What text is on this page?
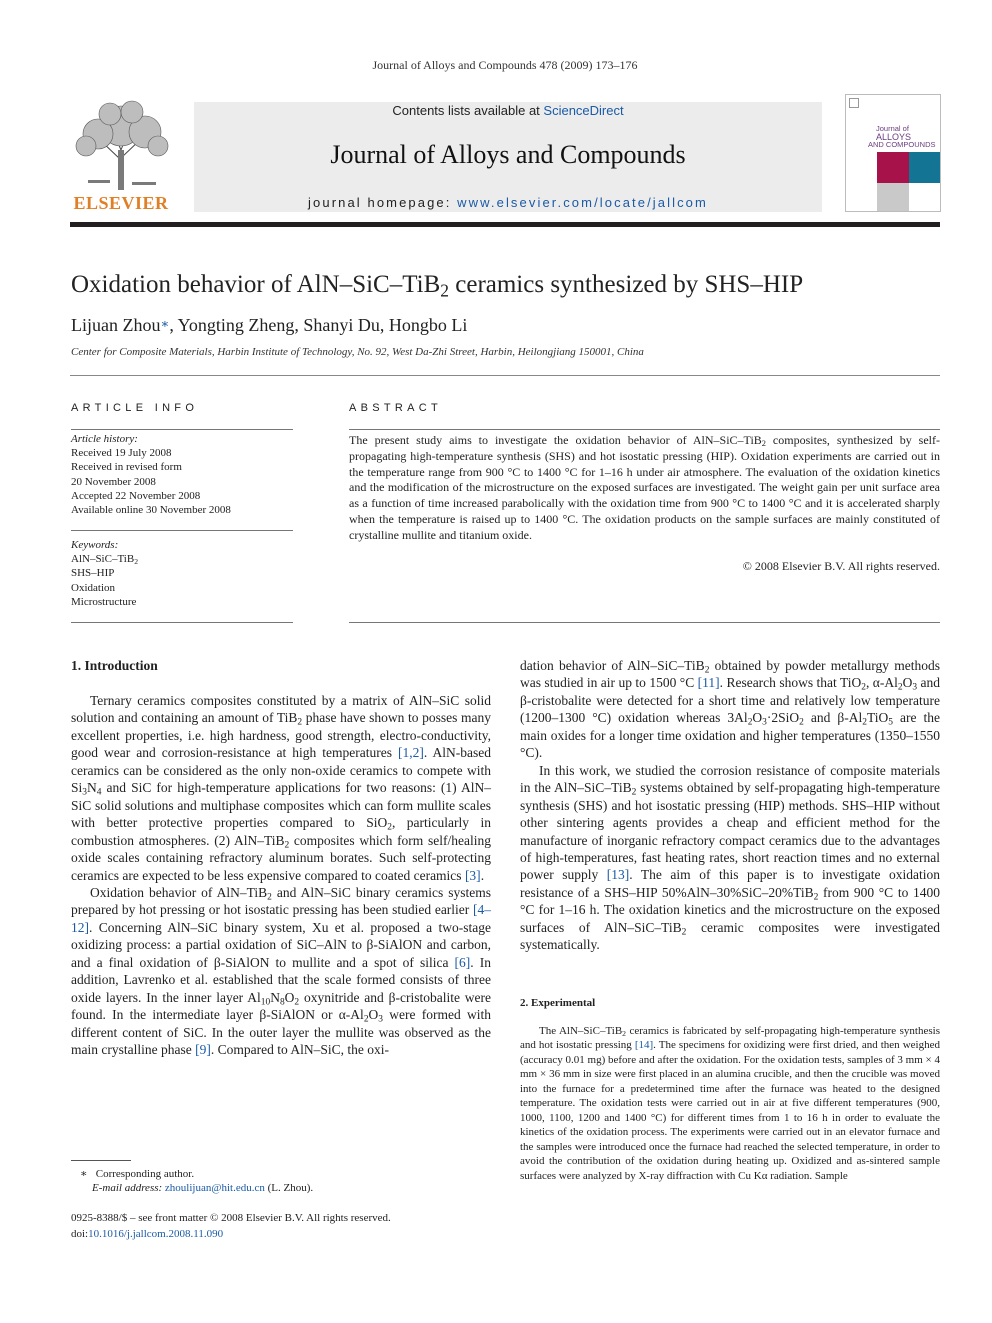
Journal of Alloys and Compounds 478 (2009) 173–176
ELSEVIER
Contents lists available at ScienceDirect
Journal of Alloys and Compounds
journal homepage: www.elsevier.com/locate/jallcom
Journal of
ALLOYS
AND COMPOUNDS
Oxidation behavior of AlN–SiC–TiB$_2$ ceramics synthesized by SHS–HIP
Lijuan Zhou∗, Yongting Zheng, Shanyi Du, Hongbo Li
Center for Composite Materials, Harbin Institute of Technology, No. 92, West Da-Zhi Street, Harbin, Heilongjiang 150001, China
ARTICLE INFO
Article history:
Received 19 July 2008
Received in revised form
20 November 2008
Accepted 22 November 2008
Available online 30 November 2008
Keywords:
AlN–SiC–TiB$_2$
SHS–HIP
Oxidation
Microstructure
ABSTRACT
The present study aims to investigate the oxidation behavior of AlN–SiC–TiB$_2$ composites, synthesized by self-propagating high-temperature synthesis (SHS) and hot isostatic pressing (HIP). Oxidation experiments are carried out in the temperature range from 900 °C to 1400 °C for 1–16 h under air atmosphere. The evaluation of the oxidation kinetics and the modification of the microstructure on the exposed surfaces are investigated. The weight gain per unit surface area as a function of time increased parabolically with the oxidation time from 900 °C to 1400 °C and it is accelerated sharply when the temperature is raised up to 1400 °C. The oxidation products on the sample surfaces are mainly constituted of crystalline mullite and titanium oxide.
© 2008 Elsevier B.V. All rights reserved.
1. Introduction

Ternary ceramics composites constituted by a matrix of AlN–SiC solid solution and containing an amount of TiB$_2$ phase have shown to posses many excellent properties, i.e. high hardness, good strength, electro-conductivity, good wear and corrosion-resistance at high temperatures [1,2]. AlN-based ceramics can be considered as the only non-oxide ceramics to compete with $Si_3N_4$ and SiC for high-temperature applications for two reasons: (1) AlN–SiC solid solutions and multiphase composites which can form mullite scales with better protective properties compared to SiO$_2$, particularly in combustion atmospheres. (2) AlN–TiB$_2$ composites which form self/healing oxide scales containing refractory aluminum borates. Such self-protecting ceramics are expected to be less expensive compared to coated ceramics [3].

Oxidation behavior of AlN–TiB$_2$ and AlN–SiC binary ceramics systems prepared by hot pressing or hot isostatic pressing has been studied earlier [4–12]. Concerning AlN–SiC binary system, Xu et al. proposed a two-stage oxidizing process: a partial oxidation of SiC–AlN to β-SiAlON and carbon, and a final oxidation of β-SiAlON to mullite and a spot of silica [6]. In addition, Lavrenko et al. established that the scale formed consists of three oxide layers. In the inner layer $Al_{10}N_8O_2$ oxynitride and β-cristobalite were found. In the intermediate layer β-SiAlON or $\alpha-Al_2O_3$ were formed with different content of SiC. In the outer layer the mullite was observed as the main crystalline phase [9]. Compared to AlN–SiC, the oxi-

dation behavior of AlN–SiC–TiB$_2$ obtained by powder metallurgy methods was studied in air up to 1500 °C [11]. Research shows that TiO$_2$, $\alpha-Al_2O_3$ and β-cristobalite were detected for a short time and relatively low temperature (1200–1300 °C) oxidation whereas $3Al_2O_3\cdot 2SiO_2$ and $\beta-Al_2TiO_5$ are the main oxides for a longer time oxidation and higher temperatures (1350–1550 °C).

In this work, we studied the corrosion resistance of composite materials in the AlN–SiC–TiB$_2$ systems obtained by self-propagating high-temperature synthesis (SHS) and hot isostatic pressing (HIP) methods. SHS–HIP without other sintering agents provides a cheap and efficient method for the manufacture of inorganic refractory compact ceramics due to the advantages of high-temperatures, fast heating rates, short reaction times and no external power supply [13]. The aim of this paper is to investigate oxidation resistance of a SHS–HIP 50%AlN–30%SiC–20%TiB$_2$ from 900 °C to 1400 °C for 1–16 h. The oxidation kinetics and the microstructure on the exposed surfaces of AlN–SiC–TiB$_2$ ceramic composites were investigated systematically.

2. Experimental

The AlN–SiC–TiB$_2$ ceramics is fabricated by self-propagating high-temperature synthesis and hot isostatic pressing [14]. The specimens for oxidizing were first dried, and then weighed (accuracy 0.01 mg) before and after the oxidation. For the oxidation tests, samples of 3 mm × 4 mm × 36 mm in size were first placed in an alumina crucible, and then the crucible was moved into the furnace for a predetermined time after the furnace was heated to the designed temperature. The oxidation tests were carried out in air at five different temperatures (900, 1000, 1100, 1200 and 1400 °C) for different times from 1 to 16 h in order to evaluate the kinetics of the oxidation process. The experiments were carried out in an elevator furnace and the samples were introduced once the furnace had reached the selected temperature, in order to avoid the contribution of the oxidation during heating up. Oxidized and as-sintered sample surfaces were analyzed by X-ray diffraction with Cu Kα radiation. Sample

∗ Corresponding author.
E-mail address: zhoulijuan@hit.edu.cn (L. Zhou).
0925-8388/$ – see front matter © 2008 Elsevier B.V. All rights reserved.
doi:10.1016/j.jallcom.2008.11.090
